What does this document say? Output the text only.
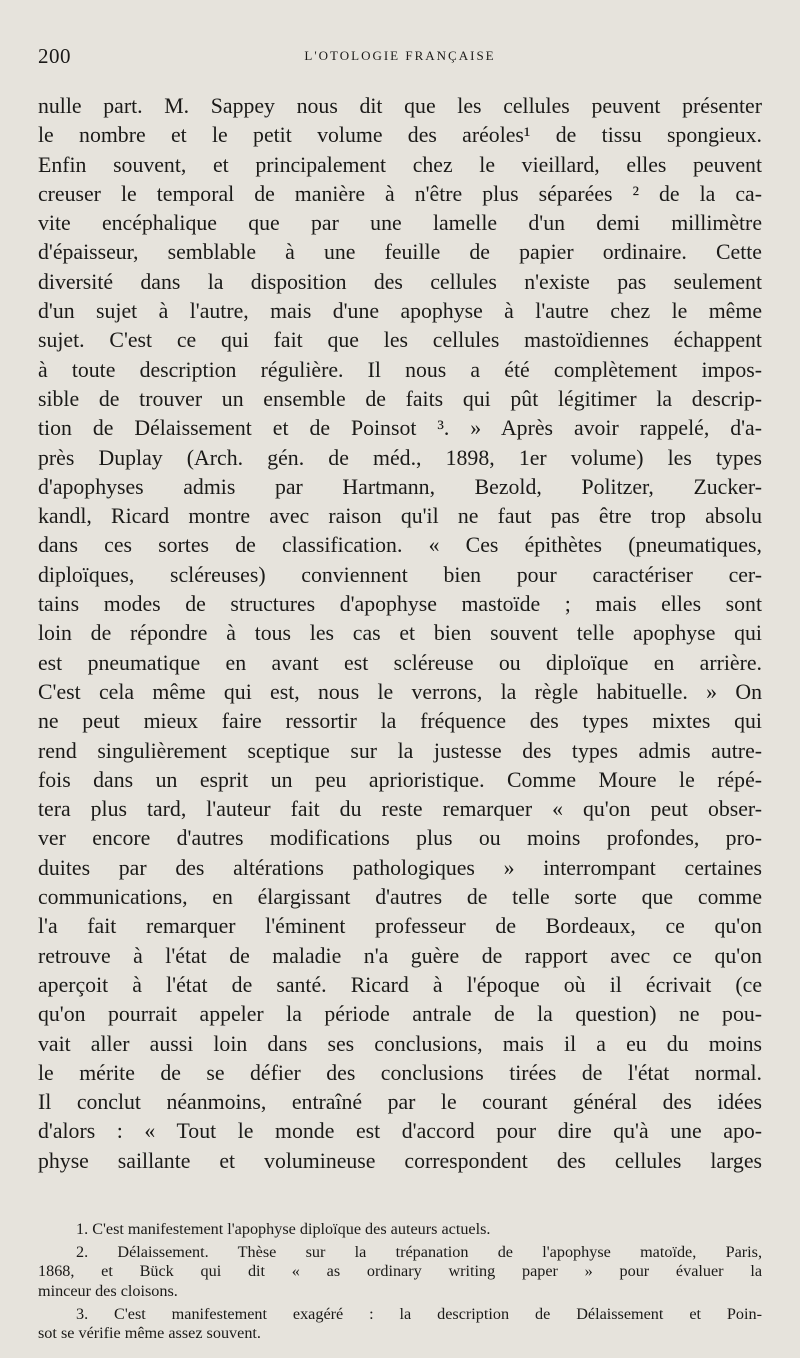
200	L'OTOLOGIE FRANÇAISE
nulle part. M. Sappey nous dit que les cellules peuvent présenter
le nombre et le petit volume des aréoles¹ de tissu spongieux.
Enfin souvent, et principalement chez le vieillard, elles peuvent
creuser le temporal de manière à n'être plus séparées ² de la ca-
vite encéphalique que par une lamelle d'un demi millimètre
d'épaisseur, semblable à une feuille de papier ordinaire. Cette
diversité dans la disposition des cellules n'existe pas seulement
d'un sujet à l'autre, mais d'une apophyse à l'autre chez le même
sujet. C'est ce qui fait que les cellules mastoïdiennes échappent
à toute description régulière. Il nous a été complètement impos-
sible de trouver un ensemble de faits qui pût légitimer la descrip-
tion de Délaissement et de Poinsot ³. » Après avoir rappelé, d'a-
près Duplay (Arch. gén. de méd., 1898, 1er volume) les types
d'apophyses admis par Hartmann, Bezold, Politzer, Zucker-
kandl, Ricard montre avec raison qu'il ne faut pas être trop absolu
dans ces sortes de classification. « Ces épithètes (pneumatiques,
diploïques, scléreuses) conviennent bien pour caractériser cer-
tains modes de structures d'apophyse mastoïde ; mais elles sont
loin de répondre à tous les cas et bien souvent telle apophyse qui
est pneumatique en avant est scléreuse ou diploïque en arrière.
C'est cela même qui est, nous le verrons, la règle habituelle. » On
ne peut mieux faire ressortir la fréquence des types mixtes qui
rend singulièrement sceptique sur la justesse des types admis autre-
fois dans un esprit un peu aprioristique. Comme Moure le répé-
tera plus tard, l'auteur fait du reste remarquer « qu'on peut obser-
ver encore d'autres modifications plus ou moins profondes, pro-
duites par des altérations pathologiques » interrompant certaines
communications, en élargissant d'autres de telle sorte que comme
l'a fait remarquer l'éminent professeur de Bordeaux, ce qu'on
retrouve à l'état de maladie n'a guère de rapport avec ce qu'on
aperçoit à l'état de santé. Ricard à l'époque où il écrivait (ce
qu'on pourrait appeler la période antrale de la question) ne pou-
vait aller aussi loin dans ses conclusions, mais il a eu du moins
le mérite de se défier des conclusions tirées de l'état normal.
Il conclut néanmoins, entraîné par le courant général des idées
d'alors : « Tout le monde est d'accord pour dire qu'à une apo-
physe saillante et volumineuse correspondent des cellules larges
1. C'est manifestement l'apophyse diploïque des auteurs actuels.
2. Délaissement. Thèse sur la trépanation de l'apophyse matoïde, Paris,
1868, et Bück qui dit « as ordinary writing paper » pour évaluer la
minceur des cloisons.
3. C'est manifestement exagéré : la description de Délaissement et Poin-
sot se vérifie même assez souvent.
